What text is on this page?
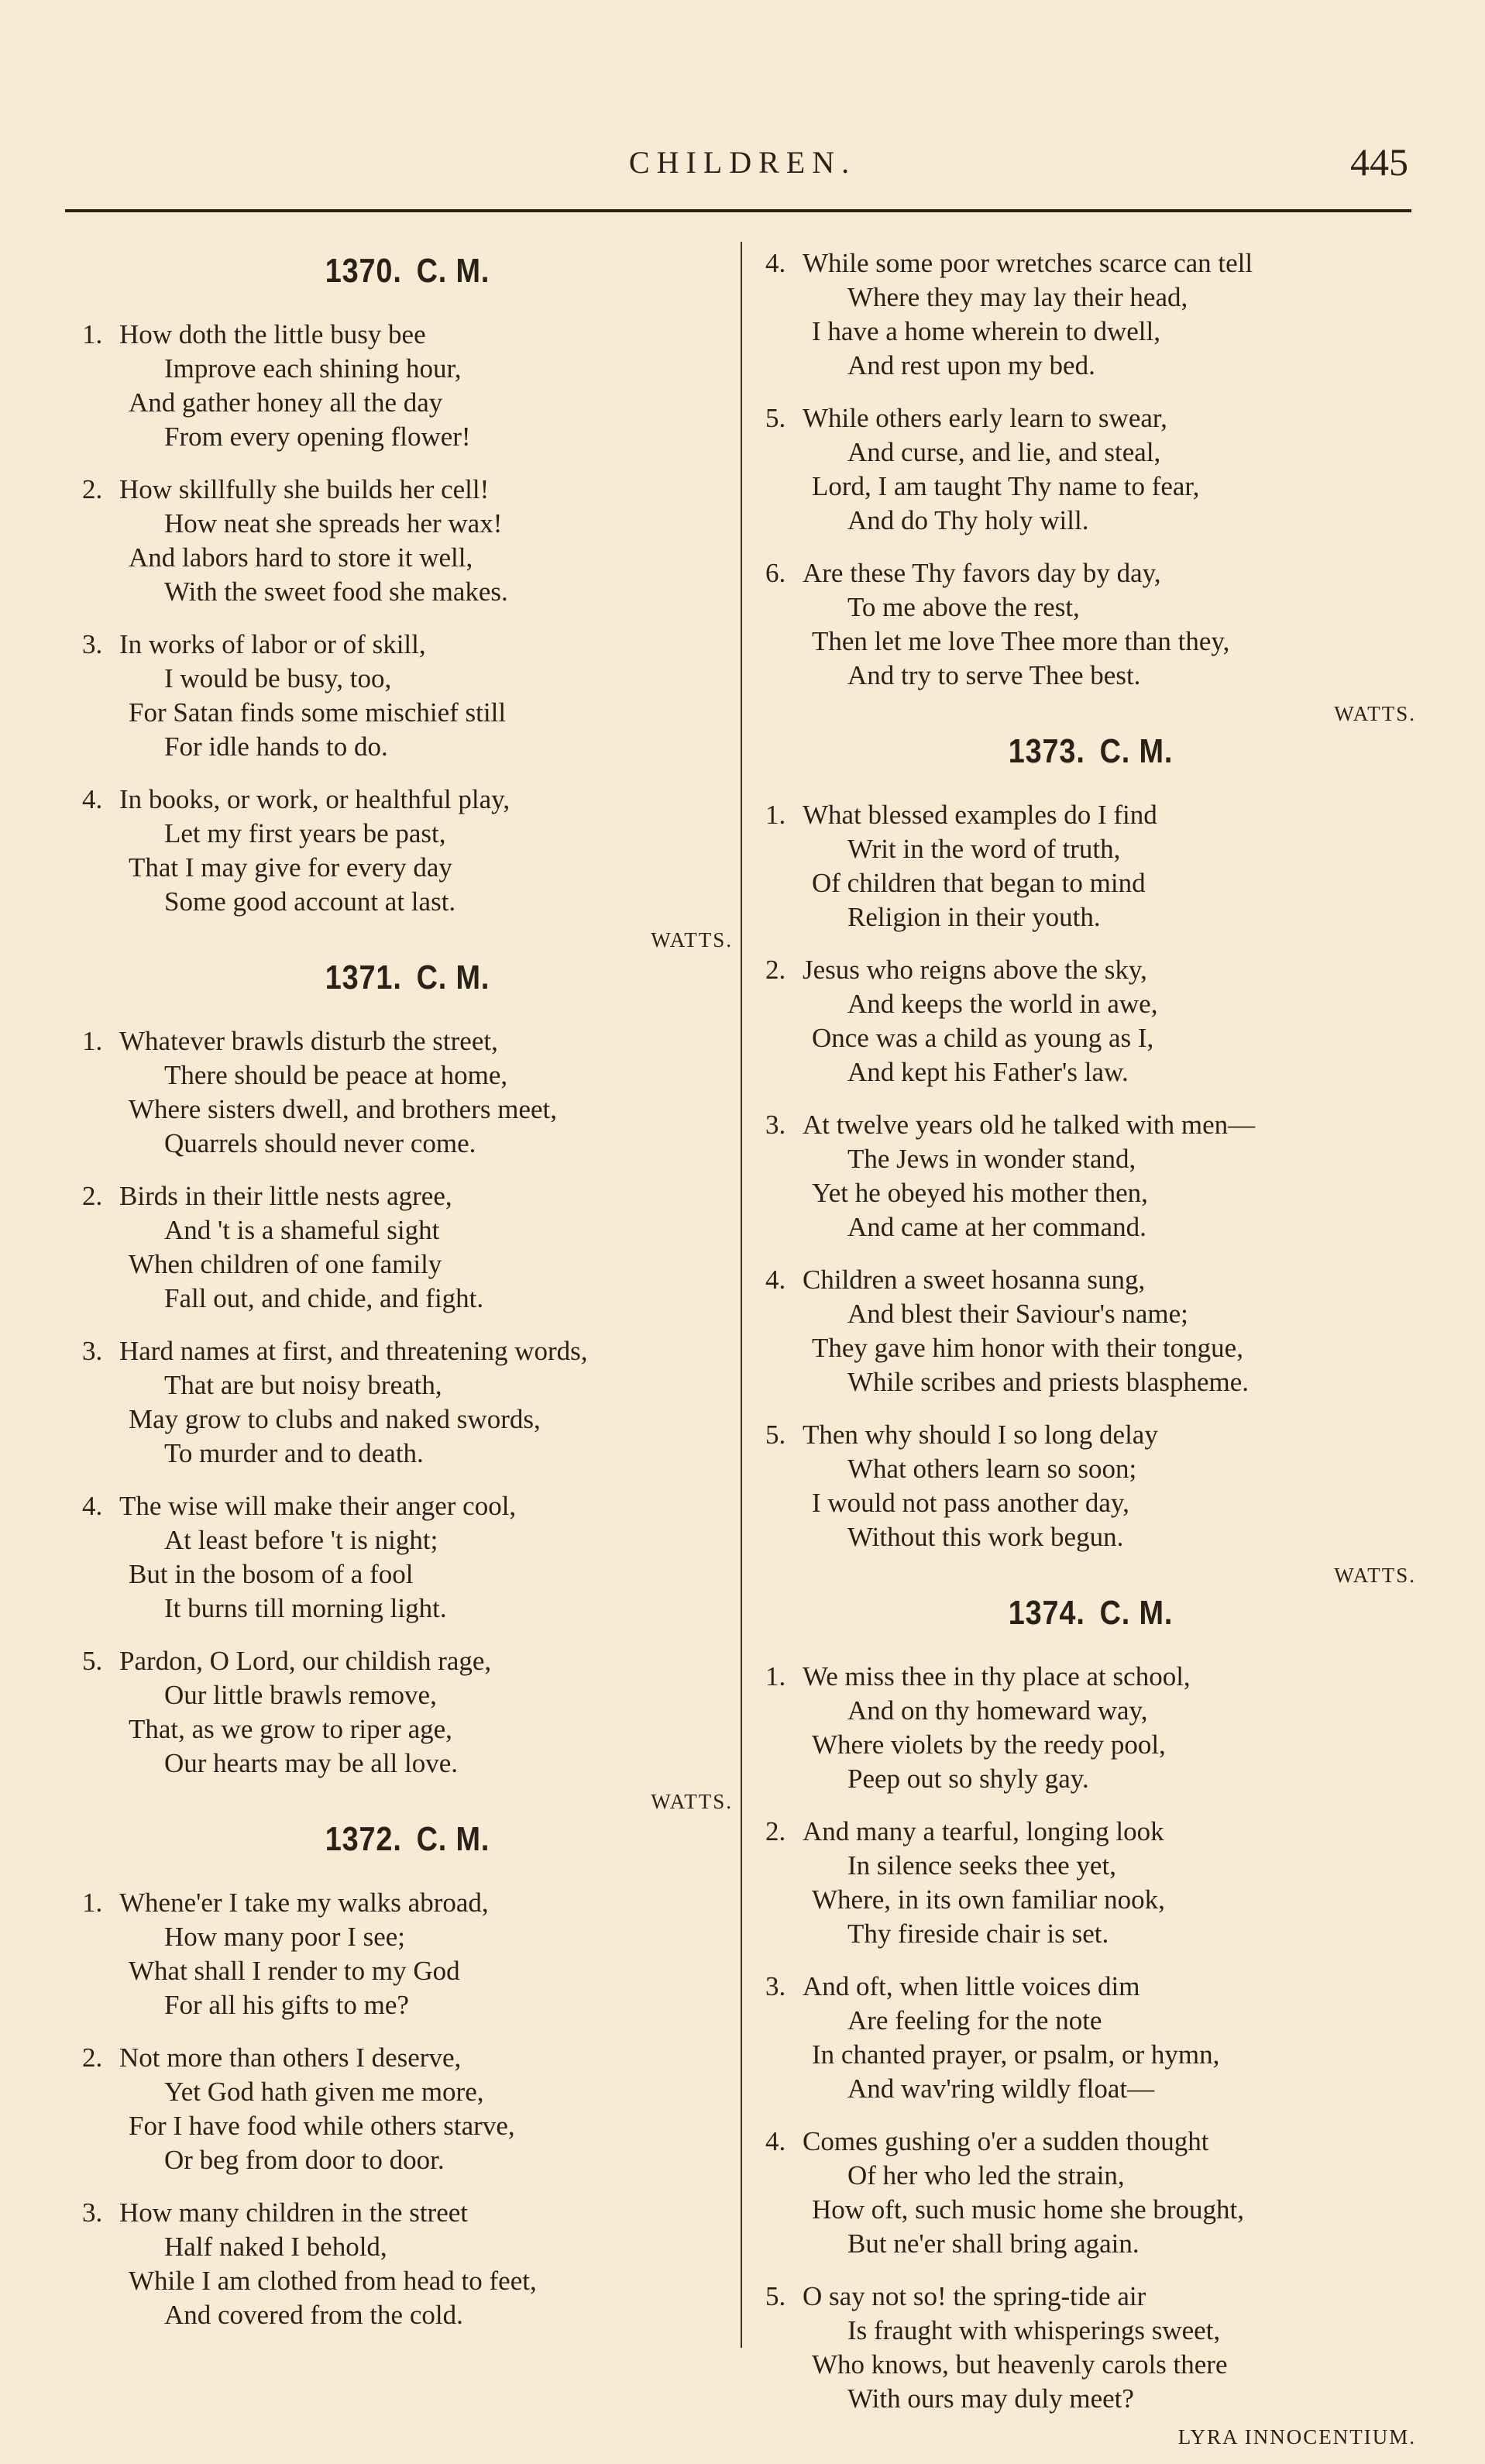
CHILDREN.	445
1370. C. M.
1. How doth the little busy bee
Improve each shining hour,
And gather honey all the day
From every opening flower!
2. How skillfully she builds her cell!
How neat she spreads her wax!
And labors hard to store it well,
With the sweet food she makes.
3. In works of labor or of skill,
I would be busy, too,
For Satan finds some mischief still
For idle hands to do.
4. In books, or work, or healthful play,
Let my first years be past,
That I may give for every day
Some good account at last.
WATTS.
1371. C. M.
1. Whatever brawls disturb the street,
There should be peace at home,
Where sisters dwell, and brothers meet,
Quarrels should never come.
2. Birds in their little nests agree,
And 't is a shameful sight
When children of one family
Fall out, and chide, and fight.
3. Hard names at first, and threatening words,
That are but noisy breath,
May grow to clubs and naked swords,
To murder and to death.
4. The wise will make their anger cool,
At least before 't is night;
But in the bosom of a fool
It burns till morning light.
5. Pardon, O Lord, our childish rage,
Our little brawls remove,
That, as we grow to riper age,
Our hearts may be all love.
WATTS.
1372. C. M.
1. Whene'er I take my walks abroad,
How many poor I see;
What shall I render to my God
For all his gifts to me?
2. Not more than others I deserve,
Yet God hath given me more,
For I have food while others starve,
Or beg from door to door.
3. How many children in the street
Half naked I behold,
While I am clothed from head to feet,
And covered from the cold.
4. While some poor wretches scarce can tell
Where they may lay their head,
I have a home wherein to dwell,
And rest upon my bed.
5. While others early learn to swear,
And curse, and lie, and steal,
Lord, I am taught Thy name to fear,
And do Thy holy will.
6. Are these Thy favors day by day,
To me above the rest,
Then let me love Thee more than they,
And try to serve Thee best.
WATTS.
1373. C. M.
1. What blessed examples do I find
Writ in the word of truth,
Of children that began to mind
Religion in their youth.
2. Jesus who reigns above the sky,
And keeps the world in awe,
Once was a child as young as I,
And kept his Father's law.
3. At twelve years old he talked with men—
The Jews in wonder stand,
Yet he obeyed his mother then,
And came at her command.
4. Children a sweet hosanna sung,
And blest their Saviour's name;
They gave him honor with their tongue,
While scribes and priests blaspheme.
5. Then why should I so long delay
What others learn so soon;
I would not pass another day,
Without this work begun.
WATTS.
1374. C. M.
1. We miss thee in thy place at school,
And on thy homeward way,
Where violets by the reedy pool,
Peep out so shyly gay.
2. And many a tearful, longing look
In silence seeks thee yet,
Where, in its own familiar nook,
Thy fireside chair is set.
3. And oft, when little voices dim
Are feeling for the note
In chanted prayer, or psalm, or hymn,
And wav'ring wildly float—
4. Comes gushing o'er a sudden thought
Of her who led the strain,
How oft, such music home she brought,
But ne'er shall bring again.
5. O say not so! the spring-tide air
Is fraught with whisperings sweet,
Who knows, but heavenly carols there
With ours may duly meet?
LYRA INNOCENTIUM.
